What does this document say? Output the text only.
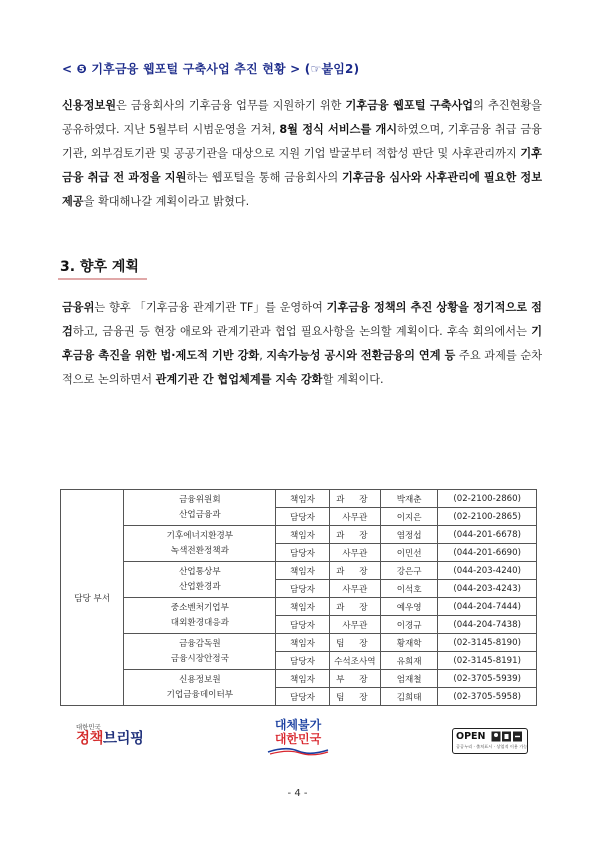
< ❺ 기후금융 웹포털 구축사업 추진 현황 > (☞붙임2)

신용정보원은 금융회사의 기후금융 업무를 지원하기 위한 기후금융 웹포털 구축사업의 추진현황을 공유하였다. 지난 5월부터 시범운영을 거쳐, 8월 정식 서비스를 개시하였으며, 기후금융 취급 금융기관, 외부검토기관 및 공공기관을 대상으로 지원 기업 발굴부터 적합성 판단 및 사후관리까지 기후금융 취급 전 과정을 지원하는 웹포털을 통해 금융회사의 기후금융 심사와 사후관리에 필요한 정보 제공을 확대해나갈 계획이라고 밝혔다.

3. 향후 계획

금융위는 향후 「기후금융 관계기관 TF」를 운영하여 기후금융 정책의 추진 상황을 정기적으로 점검하고, 금융권 등 현장 애로와 관계기관과 협업 필요사항을 논의할 계획이다. 후속 회의에서는 기후금융 촉진을 위한 법·제도적 기반 강화, 지속가능성 공시와 전환금융의 연계 등 주요 과제를 순차적으로 논의하면서 관계기관 간 협업체계를 지속 강화할 계획이다.

담당 부서	금융위원회
산업금융과	책임자	과 장	박재춘	(02-2100-2860)
		담당자	사무관	이지은	(02-2100-2865)

	기후에너지환경부
녹색전환정책과	책임자	과 장	염정섭	(044-201-6678)
		담당자	사무관	이민선	(044-201-6690)

	산업통상부
산업환경과	책임자	과 장	강은구	(044-203-4240)
		담당자	사무관	이석호	(044-203-4243)

	중소벤처기업부
대외환경대응과	책임자	과 장	예우영	(044-204-7444)
		담당자	사무관	이경규	(044-204-7438)

	금융감독원
금융시장안정국	책임자	팀 장	황재학	(02-3145-8190)
		담당자	수석조사역	유희재	(02-3145-8191)

	신용정보원
기업금융데이터부	책임자	부 장	엄재철	(02-3705-5939)
		담당자	팀 장	김희태	(02-3705-5958)
대한민국
정책브리핑
대체불가
대한민국	OPEN
공공누리 · 출처표시 · 상업적 이용 가능
- 4 -
